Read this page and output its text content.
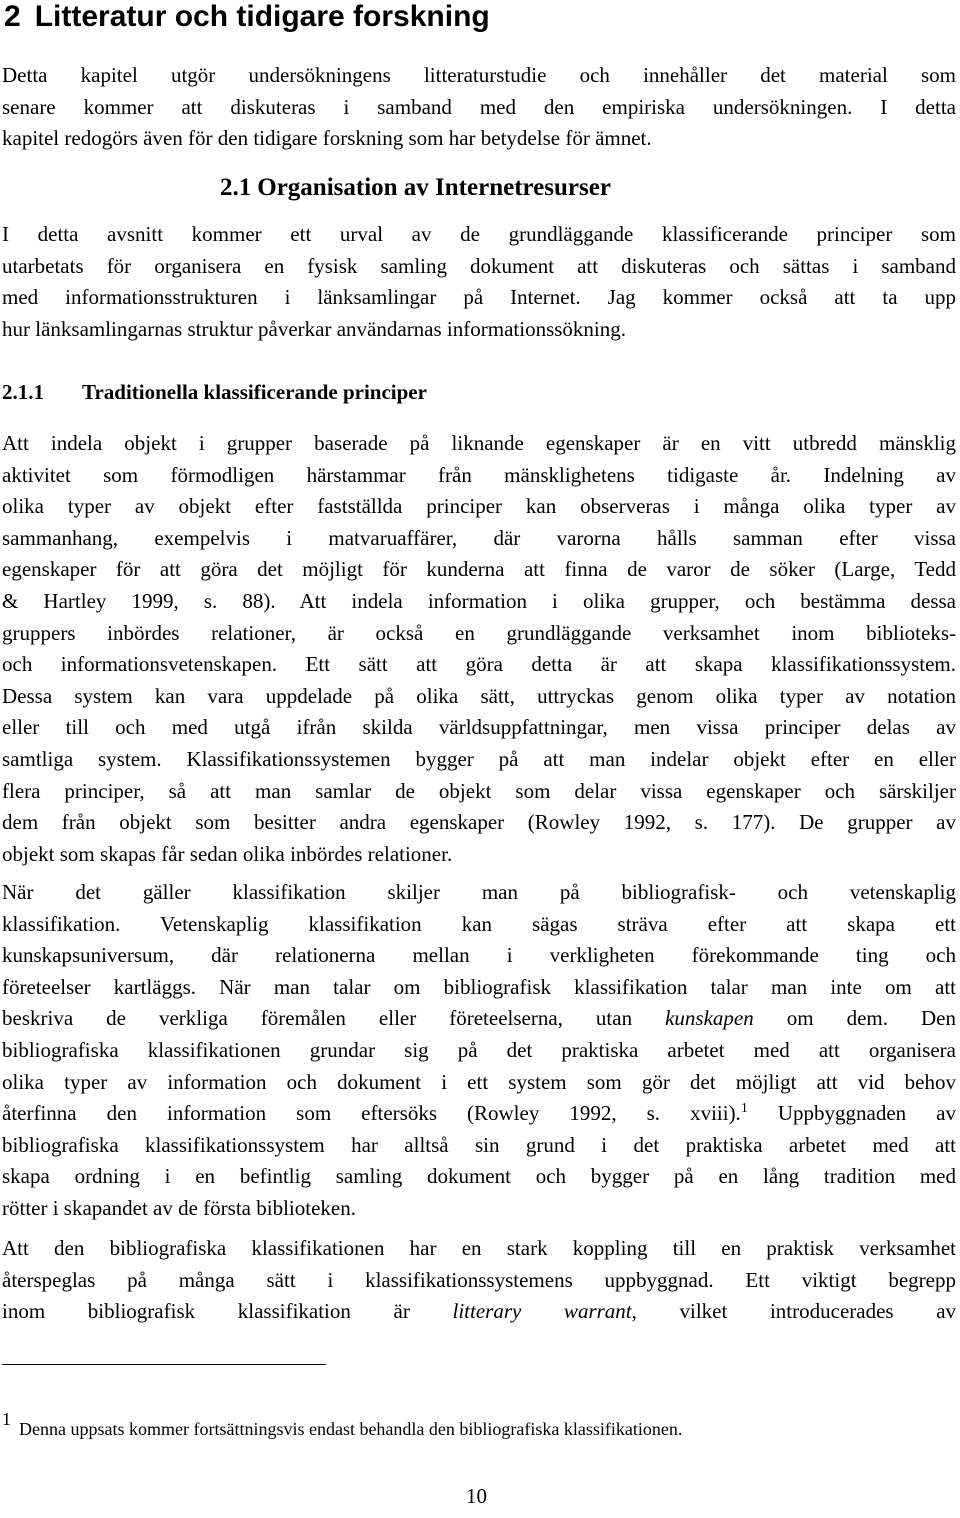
2 Litteratur och tidigare forskning

Detta kapitel utgör undersökningens litteraturstudie och innehåller det material som
senare kommer att diskuteras i samband med den empiriska undersökningen. I detta
kapitel redogörs även för den tidigare forskning som har betydelse för ämnet.

2.1 Organisation av Internetresurser

I detta avsnitt kommer ett urval av de grundläggande klassificerande principer som
utarbetats för organisera en fysisk samling dokument att diskuteras och sättas i samband
med informationsstrukturen i länksamlingar på Internet. Jag kommer också att ta upp
hur länksamlingarnas struktur påverkar användarnas informationssökning.

2.1.1 Traditionella klassificerande principer

Att indela objekt i grupper baserade på liknande egenskaper är en vitt utbredd mänsklig
aktivitet som förmodligen härstammar från mänsklighetens tidigaste år. Indelning av
olika typer av objekt efter fastställda principer kan observeras i många olika typer av
sammanhang, exempelvis i matvaruaffärer, där varorna hålls samman efter vissa
egenskaper för att göra det möjligt för kunderna att finna de varor de söker (Large, Tedd
& Hartley 1999, s. 88). Att indela information i olika grupper, och bestämma dessa
gruppers inbördes relationer, är också en grundläggande verksamhet inom biblioteks-
och informationsvetenskapen. Ett sätt att göra detta är att skapa klassifikationssystem.
Dessa system kan vara uppdelade på olika sätt, uttryckas genom olika typer av notation
eller till och med utgå ifrån skilda världsuppfattningar, men vissa principer delas av
samtliga system. Klassifikationssystemen bygger på att man indelar objekt efter en eller
flera principer, så att man samlar de objekt som delar vissa egenskaper och särskiljer
dem från objekt som besitter andra egenskaper (Rowley 1992, s. 177). De grupper av
objekt som skapas får sedan olika inbördes relationer.

När det gäller klassifikation skiljer man på bibliografisk- och vetenskaplig
klassifikation. Vetenskaplig klassifikation kan sägas sträva efter att skapa ett
kunskapsuniversum, där relationerna mellan i verkligheten förekommande ting och
företeelser kartläggs. När man talar om bibliografisk klassifikation talar man inte om att
beskriva de verkliga föremålen eller företeelserna, utan kunskapen om dem. Den
bibliografiska klassifikationen grundar sig på det praktiska arbetet med att organisera
olika typer av information och dokument i ett system som gör det möjligt att vid behov
återfinna den information som eftersöks (Rowley 1992, s. xviii).$^1$ Uppbyggnaden av
bibliografiska klassifikationssystem har alltså sin grund i det praktiska arbetet med att
skapa ordning i en befintlig samling dokument och bygger på en lång tradition med
rötter i skapandet av de första biblioteken.

Att den bibliografiska klassifikationen har en stark koppling till en praktisk verksamhet
återspeglas på många sätt i klassifikationssystemens uppbyggnad. Ett viktigt begrepp
inom bibliografisk klassifikation är litterary warrant, vilket introducerades av

1 Denna uppsats kommer fortsättningsvis endast behandla den bibliografiska klassifikationen.
10
